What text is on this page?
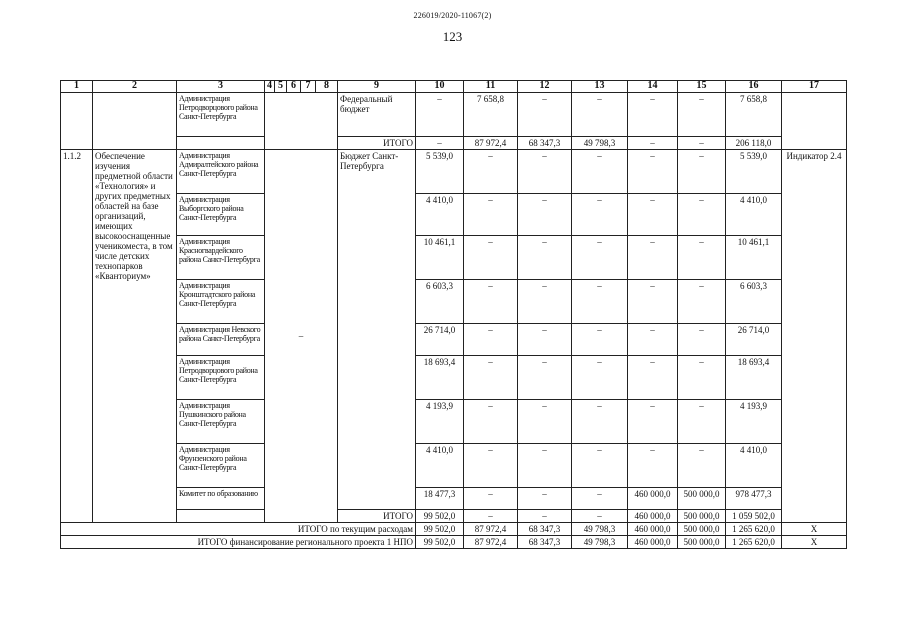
226019/2020-11067(2)
123
1	2	3	4	5	6	7	8	9	10	11	12	13	14	15	16	17
		Администрация Петродворцового района Санкт-Петербурга						Федеральный бюджет	–	7 658,8	–	–	–	–	7 658,8	
								ИТОГО	–	87 972,4	68 347,3	49 798,3	–	–	206 118,0	
1.1.2	Обеспечение изучения предметной области «Технология» и других предметных областей на базе организаций, имеющих высокооснащенные ученикоместа, в том числе детских технопарков «Кванториум»	Администрация Адмиралтейского района Санкт-Петербурга	–					Бюджет Санкт-Петербурга	5 539,0	–	–	–	–	–	5 539,0	Индикатор 2.4
		Администрация Выборгского района Санкт-Петербурга							4 410,0	–	–	–	–	–	4 410,0	
		Администрация Красногвардейского района Санкт-Петербурга							10 461,1	–	–	–	–	–	10 461,1	
		Администрация Кронштадтского района Санкт-Петербурга							6 603,3	–	–	–	–	–	6 603,3	
		Администрация Невского района Санкт-Петербурга							26 714,0	–	–	–	–	–	26 714,0	
		Администрация Петродворцового района Санкт-Петербурга							18 693,4	–	–	–	–	–	18 693,4	
		Администрация Пушкинского района Санкт-Петербурга							4 193,9	–	–	–	–	–	4 193,9	
		Администрация Фрунзенского района Санкт-Петербурга							4 410,0	–	–	–	–	–	4 410,0	
		Комитет по образованию							18 477,3	–	–	–	460 000,0	500 000,0	978 477,3	
								ИТОГО	99 502,0	–	–	–	460 000,0	500 000,0	1 059 502,0	
ИТОГО по текущим расходам									99 502,0	87 972,4	68 347,3	49 798,3	460 000,0	500 000,0	1 265 620,0	Х
ИТОГО финансирование регионального проекта 1 НПО									99 502,0	87 972,4	68 347,3	49 798,3	460 000,0	500 000,0	1 265 620,0	Х
